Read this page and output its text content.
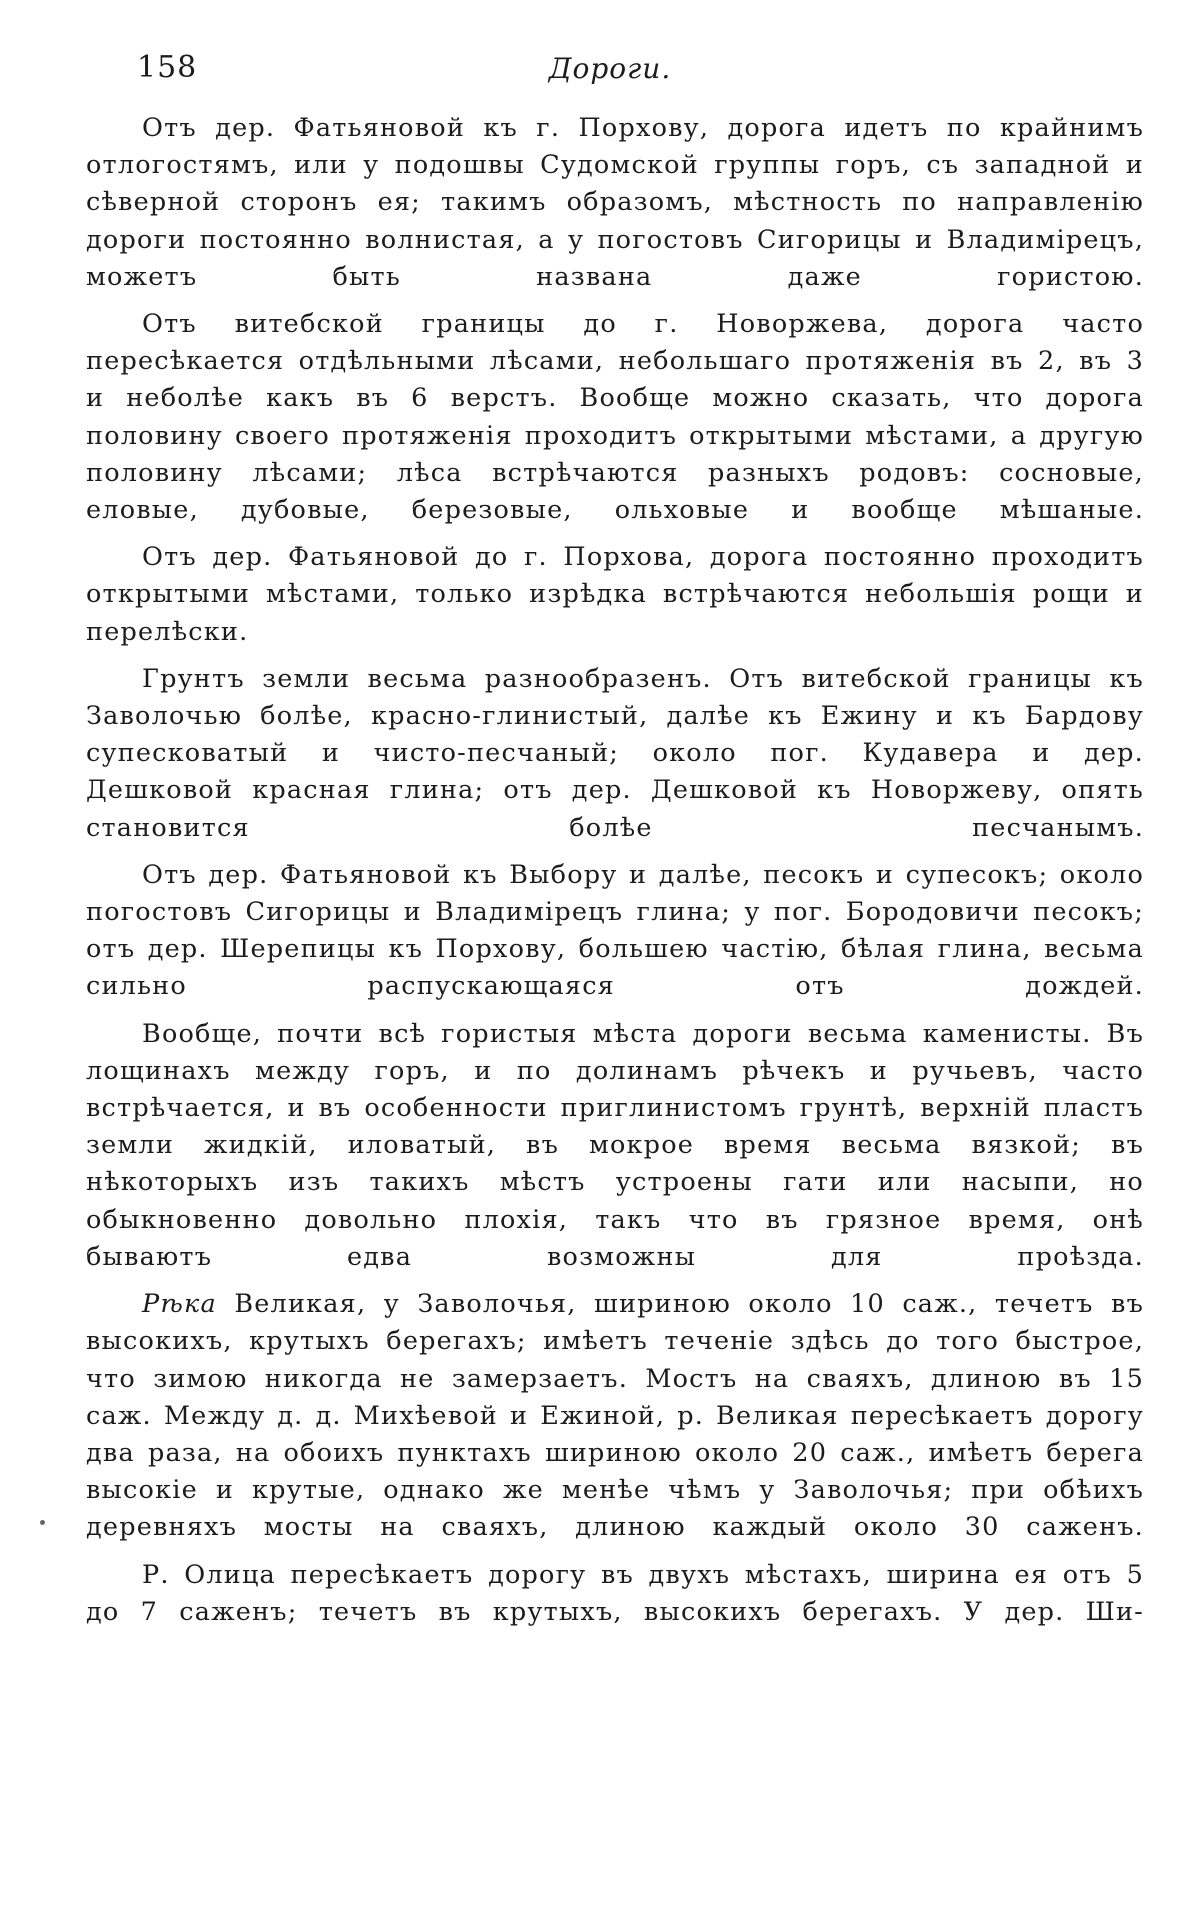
158	Дороги.

Отъ дер. Фатьяновой къ г. Порхову, дорога идетъ по крайнимъ отлогостямъ, или у подошвы Судомской группы горъ, съ западной и сѣверной сторонъ ея; такимъ образомъ, мѣстность по направленію дороги постоянно волнистая, а у погостовъ Сигорицы и Владимірецъ, можетъ быть названа даже гористою.

Отъ витебской границы до г. Новоржева, дорога часто пересѣкается отдѣльными лѣсами, небольшаго протяженія въ 2, въ 3 и неболѣе какъ въ 6 верстъ. Вообще можно сказать, что дорога половину своего протяженія проходитъ открытыми мѣстами, а другую половину лѣсами; лѣса встрѣчаются разныхъ родовъ: сосновые, еловые, дубовые, березовые, ольховые и вообще мѣшаные.

Отъ дер. Фатьяновой до г. Порхова, дорога постоянно проходитъ открытыми мѣстами, только изрѣдка встрѣчаются небольшія рощи и перелѣски.

Грунтъ земли весьма разнообразенъ. Отъ витебской границы къ Заволочью болѣе, красно-глинистый, далѣе къ Ежину и къ Бардову супесковатый и чисто-песчаный; около пог. Кудавера и дер. Дешковой красная глина; отъ дер. Дешковой къ Новоржеву, опять становится болѣе песчанымъ.

Отъ дер. Фатьяновой къ Выбору и далѣе, песокъ и супесокъ; около погостовъ Сигорицы и Владимірецъ глина; у пог. Бородовичи песокъ; отъ дер. Шерепицы къ Порхову, большею частію, бѣлая глина, весьма сильно распускающаяся отъ дождей.

Вообще, почти всѣ гористыя мѣста дороги весьма каменисты. Въ лощинахъ между горъ, и по долинамъ рѣчекъ и ручьевъ, часто встрѣчается, и въ особенности приглинистомъ грунтѣ, верхній пластъ земли жидкій, иловатый, въ мокрое время весьма вязкой; въ нѣкоторыхъ изъ такихъ мѣстъ устроены гати или насыпи, но обыкновенно довольно плохія, такъ что въ грязное время, онѣ бываютъ едва возможны для проѣзда.

Рѣка Великая, у Заволочья, шириною около 10 саж., течетъ въ высокихъ, крутыхъ берегахъ; имѣетъ теченіе здѣсь до того быстрое, что зимою никогда не замерзаетъ. Мостъ на сваяхъ, длиною въ 15 саж. Между д. д. Михѣевой и Ежиной, р. Великая пересѣкаетъ дорогу два раза, на обоихъ пунктахъ шириною около 20 саж., имѣетъ берега высокіе и крутые, однако же менѣе чѣмъ у Заволочья; при обѣихъ деревняхъ мосты на сваяхъ, длиною каждый около 30 саженъ.

Р. Олица пересѣкаетъ дорогу въ двухъ мѣстахъ, ширина ея отъ 5 до 7 саженъ; течетъ въ крутыхъ, высокихъ берегахъ. У дер. Ши-
